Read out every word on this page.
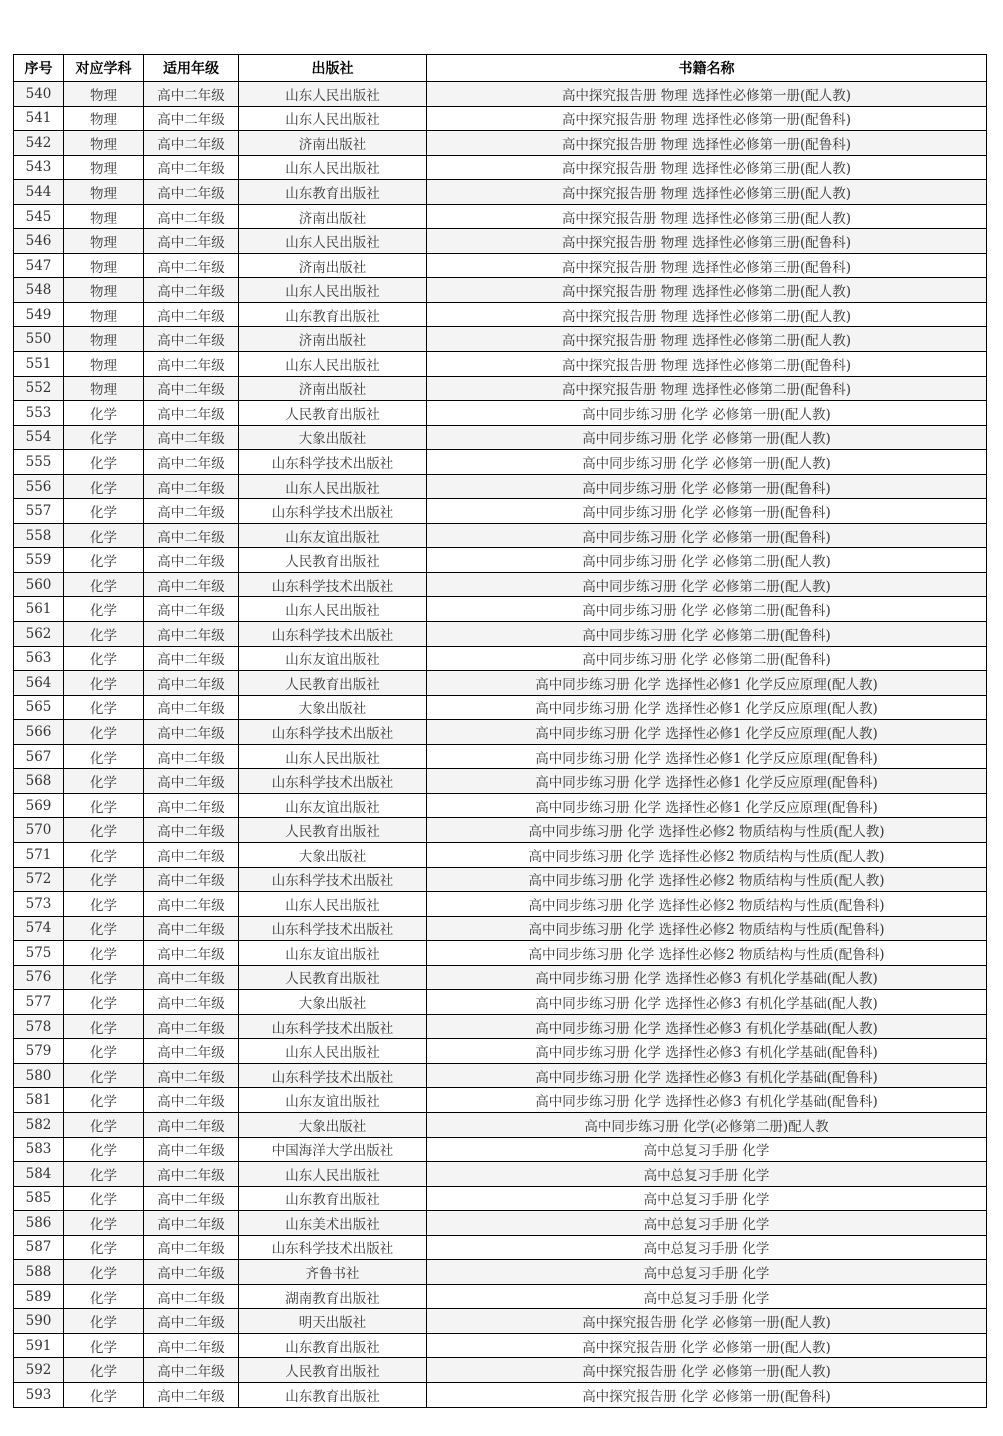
序号	对应学科	适用年级	出版社	书籍名称
540	物理	高中二年级	山东人民出版社	高中探究报告册 物理 选择性必修第一册(配人教)
541	物理	高中二年级	山东人民出版社	高中探究报告册 物理 选择性必修第一册(配鲁科)
542	物理	高中二年级	济南出版社	高中探究报告册 物理 选择性必修第一册(配鲁科)
543	物理	高中二年级	山东人民出版社	高中探究报告册 物理 选择性必修第三册(配人教)
544	物理	高中二年级	山东教育出版社	高中探究报告册 物理 选择性必修第三册(配人教)
545	物理	高中二年级	济南出版社	高中探究报告册 物理 选择性必修第三册(配人教)
546	物理	高中二年级	山东人民出版社	高中探究报告册 物理 选择性必修第三册(配鲁科)
547	物理	高中二年级	济南出版社	高中探究报告册 物理 选择性必修第三册(配鲁科)
548	物理	高中二年级	山东人民出版社	高中探究报告册 物理 选择性必修第二册(配人教)
549	物理	高中二年级	山东教育出版社	高中探究报告册 物理 选择性必修第二册(配人教)
550	物理	高中二年级	济南出版社	高中探究报告册 物理 选择性必修第二册(配人教)
551	物理	高中二年级	山东人民出版社	高中探究报告册 物理 选择性必修第二册(配鲁科)
552	物理	高中二年级	济南出版社	高中探究报告册 物理 选择性必修第二册(配鲁科)
553	化学	高中二年级	人民教育出版社	高中同步练习册 化学 必修第一册(配人教)
554	化学	高中二年级	大象出版社	高中同步练习册 化学 必修第一册(配人教)
555	化学	高中二年级	山东科学技术出版社	高中同步练习册 化学 必修第一册(配人教)
556	化学	高中二年级	山东人民出版社	高中同步练习册 化学 必修第一册(配鲁科)
557	化学	高中二年级	山东科学技术出版社	高中同步练习册 化学 必修第一册(配鲁科)
558	化学	高中二年级	山东友谊出版社	高中同步练习册 化学 必修第一册(配鲁科)
559	化学	高中二年级	人民教育出版社	高中同步练习册 化学 必修第二册(配人教)
560	化学	高中二年级	山东科学技术出版社	高中同步练习册 化学 必修第二册(配人教)
561	化学	高中二年级	山东人民出版社	高中同步练习册 化学 必修第二册(配鲁科)
562	化学	高中二年级	山东科学技术出版社	高中同步练习册 化学 必修第二册(配鲁科)
563	化学	高中二年级	山东友谊出版社	高中同步练习册 化学 必修第二册(配鲁科)
564	化学	高中二年级	人民教育出版社	高中同步练习册 化学 选择性必修1 化学反应原理(配人教)
565	化学	高中二年级	大象出版社	高中同步练习册 化学 选择性必修1 化学反应原理(配人教)
566	化学	高中二年级	山东科学技术出版社	高中同步练习册 化学 选择性必修1 化学反应原理(配人教)
567	化学	高中二年级	山东人民出版社	高中同步练习册 化学 选择性必修1 化学反应原理(配鲁科)
568	化学	高中二年级	山东科学技术出版社	高中同步练习册 化学 选择性必修1 化学反应原理(配鲁科)
569	化学	高中二年级	山东友谊出版社	高中同步练习册 化学 选择性必修1 化学反应原理(配鲁科)
570	化学	高中二年级	人民教育出版社	高中同步练习册 化学 选择性必修2 物质结构与性质(配人教)
571	化学	高中二年级	大象出版社	高中同步练习册 化学 选择性必修2 物质结构与性质(配人教)
572	化学	高中二年级	山东科学技术出版社	高中同步练习册 化学 选择性必修2 物质结构与性质(配人教)
573	化学	高中二年级	山东人民出版社	高中同步练习册 化学 选择性必修2 物质结构与性质(配鲁科)
574	化学	高中二年级	山东科学技术出版社	高中同步练习册 化学 选择性必修2 物质结构与性质(配鲁科)
575	化学	高中二年级	山东友谊出版社	高中同步练习册 化学 选择性必修2 物质结构与性质(配鲁科)
576	化学	高中二年级	人民教育出版社	高中同步练习册 化学 选择性必修3 有机化学基础(配人教)
577	化学	高中二年级	大象出版社	高中同步练习册 化学 选择性必修3 有机化学基础(配人教)
578	化学	高中二年级	山东科学技术出版社	高中同步练习册 化学 选择性必修3 有机化学基础(配人教)
579	化学	高中二年级	山东人民出版社	高中同步练习册 化学 选择性必修3 有机化学基础(配鲁科)
580	化学	高中二年级	山东科学技术出版社	高中同步练习册 化学 选择性必修3 有机化学基础(配鲁科)
581	化学	高中二年级	山东友谊出版社	高中同步练习册 化学 选择性必修3 有机化学基础(配鲁科)
582	化学	高中二年级	大象出版社	高中同步练习册 化学(必修第二册)配人教
583	化学	高中二年级	中国海洋大学出版社	高中总复习手册 化学
584	化学	高中二年级	山东人民出版社	高中总复习手册 化学
585	化学	高中二年级	山东教育出版社	高中总复习手册 化学
586	化学	高中二年级	山东美术出版社	高中总复习手册 化学
587	化学	高中二年级	山东科学技术出版社	高中总复习手册 化学
588	化学	高中二年级	齐鲁书社	高中总复习手册 化学
589	化学	高中二年级	湖南教育出版社	高中总复习手册 化学
590	化学	高中二年级	明天出版社	高中探究报告册 化学 必修第一册(配人教)
591	化学	高中二年级	山东教育出版社	高中探究报告册 化学 必修第一册(配人教)
592	化学	高中二年级	人民教育出版社	高中探究报告册 化学 必修第一册(配人教)
593	化学	高中二年级	山东教育出版社	高中探究报告册 化学 必修第一册(配鲁科)
